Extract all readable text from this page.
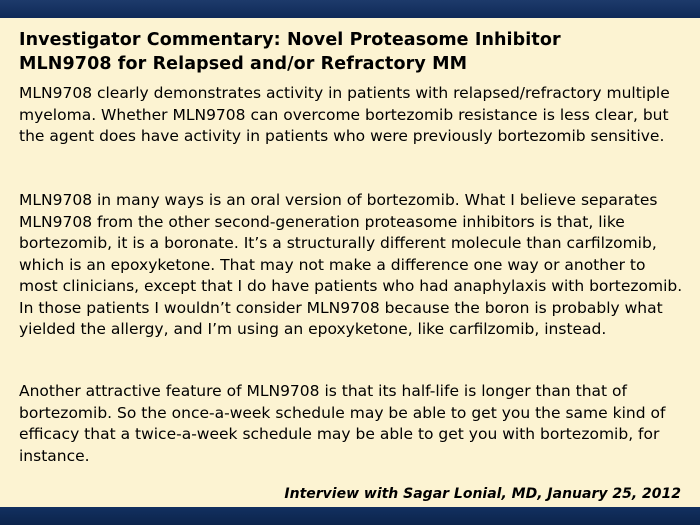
Investigator Commentary: Novel Proteasome Inhibitor
MLN9708 for Relapsed and/or Refractory MM

MLN9708 clearly demonstrates activity in patients with relapsed/refractory multiple myeloma. Whether MLN9708 can overcome bortezomib resistance is less clear, but the agent does have activity in patients who were previously bortezomib sensitive.

MLN9708 in many ways is an oral version of bortezomib. What I believe separates MLN9708 from the other second-generation proteasome inhibitors is that, like bortezomib, it is a boronate. It’s a structurally different molecule than carfilzomib, which is an epoxyketone. That may not make a difference one way or another to most clinicians, except that I do have patients who had anaphylaxis with bortezomib. In those patients I wouldn’t consider MLN9708 because the boron is probably what yielded the allergy, and I’m using an epoxyketone, like carfilzomib, instead.

Another attractive feature of MLN9708 is that its half-life is longer than that of bortezomib. So the once-a-week schedule may be able to get you the same kind of efficacy that a twice-a-week schedule may be able to get you with bortezomib, for instance.

Interview with Sagar Lonial, MD, January 25, 2012
